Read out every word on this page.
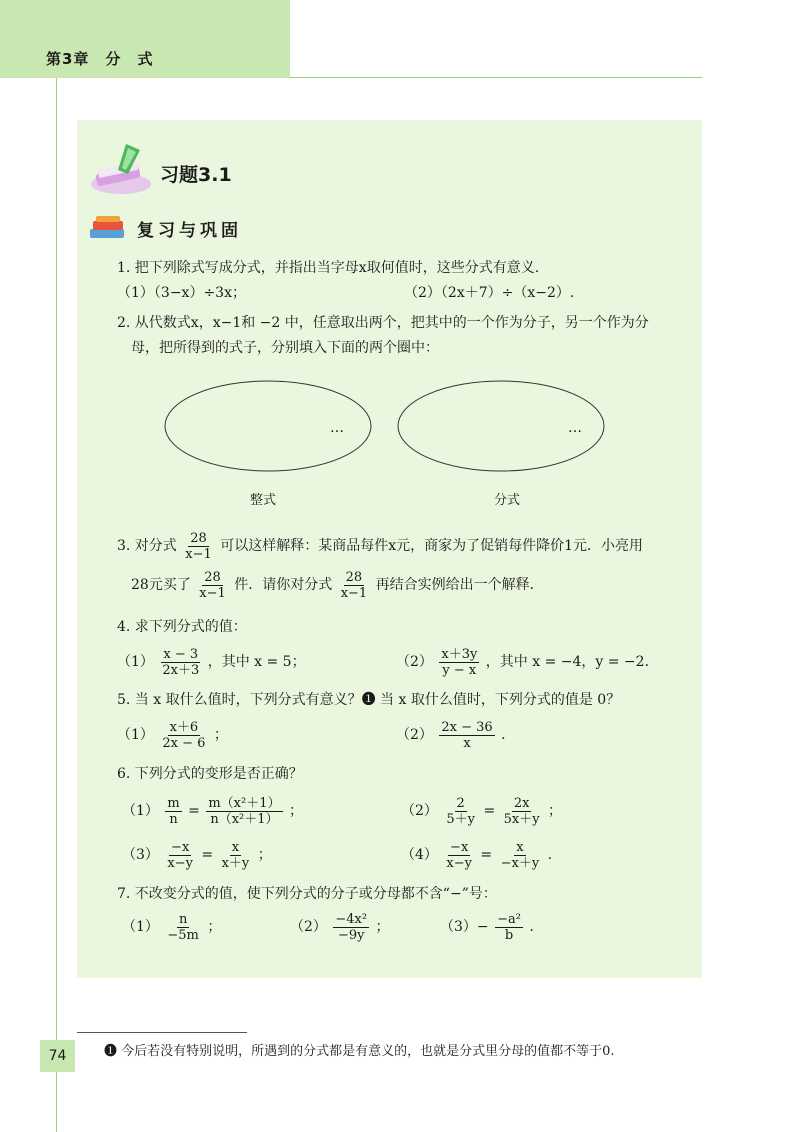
第3章　分　式
习题3.1
复习与巩固
1. 把下列除式写成分式，并指出当字母x取何值时，这些分式有意义.
（1）（3−x）÷3x；	（2）（2x＋7）÷（x−2）.
2. 从代数式x，x−1和 −2 中，任意取出两个，把其中的一个作为分子，另一个作为分
母，把所得到的式子，分别填入下面的两个圈中：
…	…
整式	分式
3. 对分式 $\frac{28}{x-1}$ 可以这样解释：某商品每件x元，商家为了促销每件降价1元．小亮用
28元买了 $\frac{28}{x-1}$ 件．请你对分式 $\frac{28}{x-1}$ 再结合实例给出一个解释．
4. 求下列分式的值：
$(1) \frac{x - 3}{2x+3}$ ，其中 x = 5；	$(2) \frac{x+3y}{y - x}$ ，其中 x = −4，y = −2．
5. 当 x 取什么值时，下列分式有意义？❶ 当 x 取什么值时，下列分式的值是 0？
$(1) \frac{x+6}{2x - 6}$ ；	$(2) \frac{2x - 36}{x}$ .
6. 下列分式的变形是否正确？
$(1) \frac{m}{n} = \frac{\text{m（x²＋1）}}{\text{n（x²＋1）}}$ ；	$(2) \frac{2}{5+y} = \frac{2x}{5x+y}$ ；
$(3) \frac{-x}{x-y} = \frac{x}{x+y}$ ；	$(4) \frac{-x}{x-y} = \frac{x}{-x+y}$ .
7. 不改变分式的值，使下列分式的分子或分母都不含“−”号：
$(1) \frac{n}{-5m}$ ；	$(2) \frac{\text{−4x²}}{-9y}$ ；	$(3)- \frac{\text{−a²}}{b}$ .
74	❶ 今后若没有特别说明，所遇到的分式都是有意义的，也就是分式里分母的值都不等于0.
